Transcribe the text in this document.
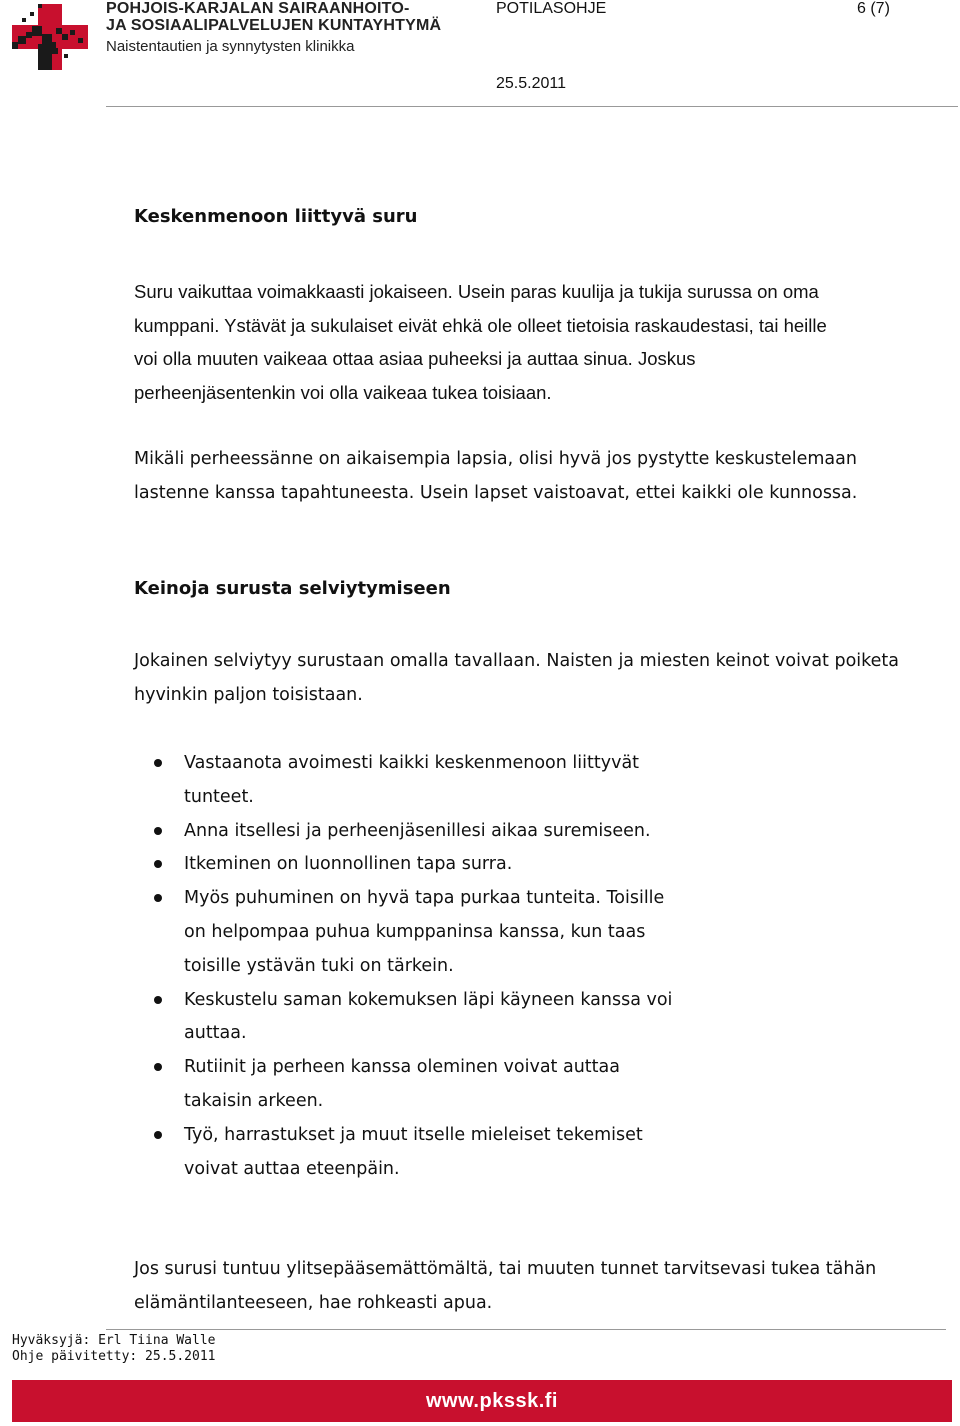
POHJOIS-KARJALAN SAIRAANHOITO-
JA SOSIAALIPALVELUJEN KUNTAYHTYMÄ
Naistentautien ja synnytysten klinikka
POTILASOHJE	6 (7)
25.5.2011
Keskenmenoon liittyvä suru

Suru vaikuttaa voimakkaasti jokaiseen. Usein paras kuulija ja tukija surussa on oma
kumppani. Ystävät ja sukulaiset eivät ehkä ole olleet tietoisia raskaudestasi, tai heille
voi olla muuten vaikeaa ottaa asiaa puheeksi ja auttaa sinua. Joskus
perheenjäsentenkin voi olla vaikeaa tukea toisiaan.

Mikäli perheessänne on aikaisempia lapsia, olisi hyvä jos pystytte keskustelemaan
lastenne kanssa tapahtuneesta. Usein lapset vaistoavat, ettei kaikki ole kunnossa.

Keinoja surusta selviytymiseen

Jokainen selviytyy surustaan omalla tavallaan. Naisten ja miesten keinot voivat poiketa
hyvinkin paljon toisistaan.

Vastaanota avoimesti kaikki keskenmenoon liittyvät
tunteet.
Anna itsellesi ja perheenjäsenillesi aikaa suremiseen.
Itkeminen on luonnollinen tapa surra.
Myös puhuminen on hyvä tapa purkaa tunteita. Toisille
on helpompaa puhua kumppaninsa kanssa, kun taas
toisille ystävän tuki on tärkein.
Keskustelu saman kokemuksen läpi käyneen kanssa voi
auttaa.
Rutiinit ja perheen kanssa oleminen voivat auttaa
takaisin arkeen.
Työ, harrastukset ja muut itselle mieleiset tekemiset
voivat auttaa eteenpäin.

Jos surusi tuntuu ylitsepääsemättömältä, tai muuten tunnet tarvitsevasi tukea tähän
elämäntilanteeseen, hae rohkeasti apua.

Hyväksyjä: Erl Tiina Walle
Ohje päivitetty: 25.5.2011
www.pkssk.fi
